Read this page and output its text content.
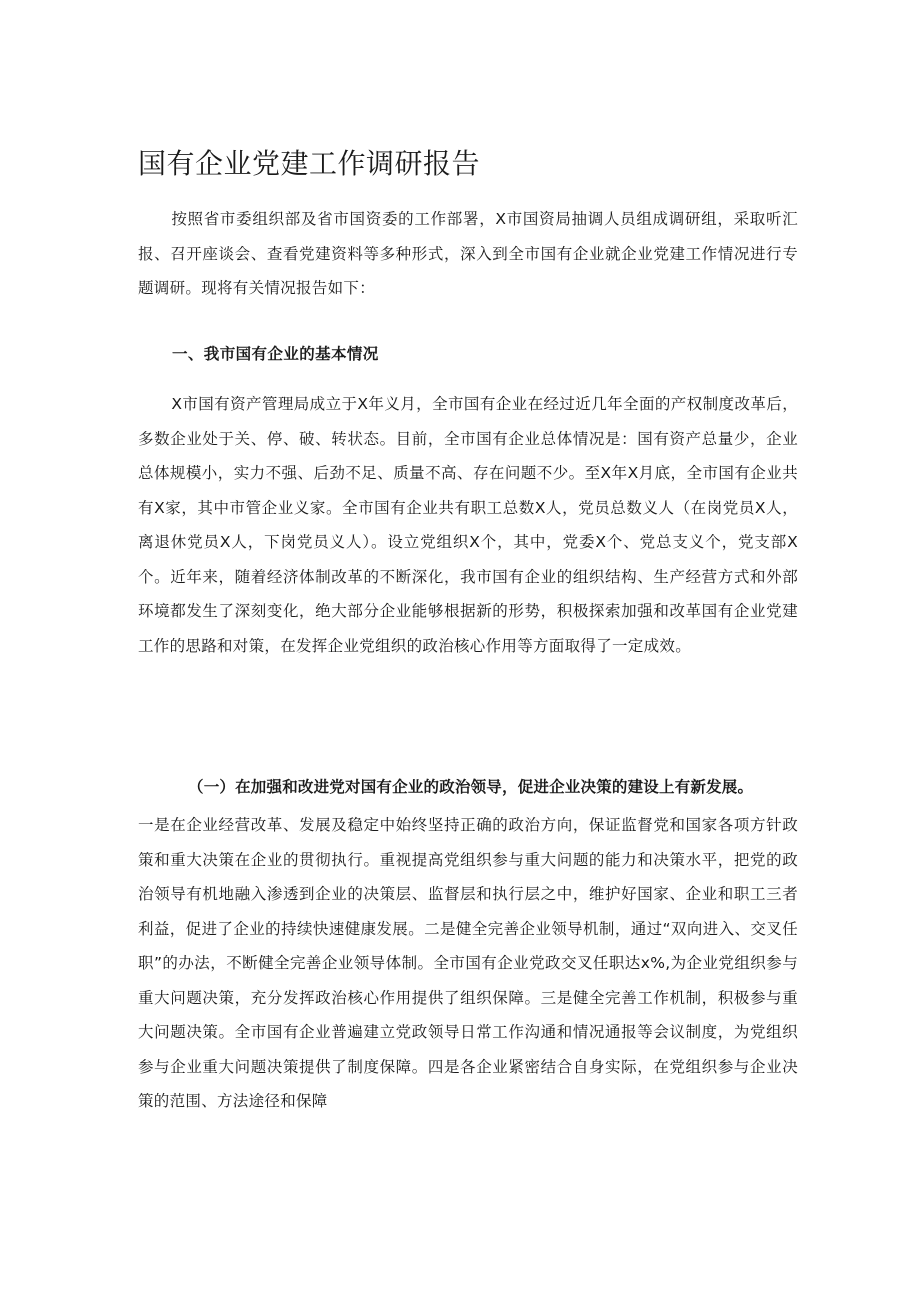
国有企业党建工作调研报告

按照省市委组织部及省市国资委的工作部署，X市国资局抽调人员组成调研组，采取听汇报、召开座谈会、查看党建资料等多种形式，深入到全市国有企业就企业党建工作情况进行专题调研。现将有关情况报告如下：

一、我市国有企业的基本情况

X市国有资产管理局成立于X年义月，全市国有企业在经过近几年全面的产权制度改革后，多数企业处于关、停、破、转状态。目前，全市国有企业总体情况是：国有资产总量少，企业总体规模小，实力不强、后劲不足、质量不高、存在问题不少。至X年X月底，全市国有企业共有X家，其中市管企业义家。全市国有企业共有职工总数X人，党员总数义人（在岗党员X人，离退休党员X人，下岗党员义人）。设立党组织X个，其中，党委X个、党总支义个，党支部X个。近年来，随着经济体制改革的不断深化，我市国有企业的组织结构、生产经营方式和外部环境都发生了深刻变化，绝大部分企业能够根据新的形势，积极探索加强和改革国有企业党建工作的思路和对策，在发挥企业党组织的政治核心作用等方面取得了一定成效。

（一）在加强和改进党对国有企业的政治领导，促进企业决策的建设上有新发展。

一是在企业经营改革、发展及稳定中始终坚持正确的政治方向，保证监督党和国家各项方针政策和重大决策在企业的贯彻执行。重视提高党组织参与重大问题的能力和决策水平，把党的政治领导有机地融入渗透到企业的决策层、监督层和执行层之中，维护好国家、企业和职工三者利益，促进了企业的持续快速健康发展。二是健全完善企业领导机制，通过“双向进入、交叉任职”的办法，不断健全完善企业领导体制。全市国有企业党政交叉任职达x%,为企业党组织参与重大问题决策，充分发挥政治核心作用提供了组织保障。三是健全完善工作机制，积极参与重大问题决策。全市国有企业普遍建立党政领导日常工作沟通和情况通报等会议制度，为党组织参与企业重大问题决策提供了制度保障。四是各企业紧密结合自身实际，在党组织参与企业决策的范围、方法途径和保障
